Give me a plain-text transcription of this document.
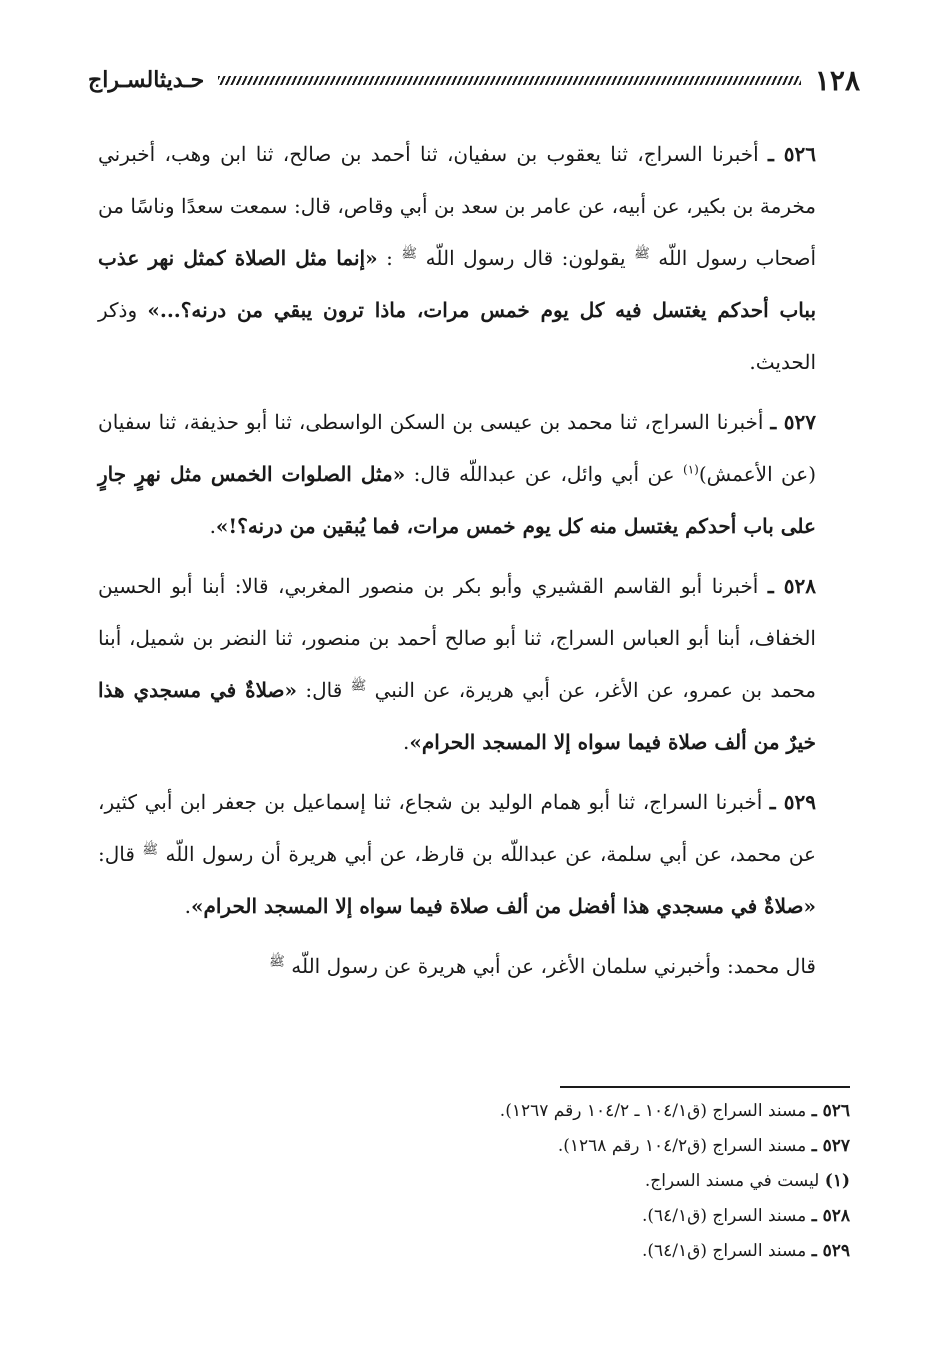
١٢٨
حـديثالسـراج

٥٢٦ ـ أخبرنا السراج، ثنا يعقوب بن سفيان، ثنا أحمد بن صالح، ثنا ابن وهب، أخبرني مخرمة بن بكير، عن أبيه، عن عامر بن سعد بن أبي وقاص، قال: سمعت سعدًا وناسًا من أصحاب رسول اللّه $^ﷺ$ يقولون: قال رسول اللّه $^ﷺ$ : «إنما مثل الصلاة كمثل نهر عذب بباب أحدكم يغتسل فيه كل يوم خمس مرات، ماذا ترون يبقي من درنه؟...» وذكر الحديث.

٥٢٧ ـ أخبرنا السراج، ثنا محمد بن عيسى بن السكن الواسطى، ثنا أبو حذيفة، ثنا سفيان (عن الأعمش)$^{(١)}$ عن أبي وائل، عن عبداللّه قال: «مثل الصلوات الخمس مثل نهرٍ جارٍ على باب أحدكم يغتسل منه كل يوم خمس مرات، فما يُبقين من درنه؟!».

٥٢٨ ـ أخبرنا أبو القاسم القشيري وأبو بكر بن منصور المغربي، قالا: أبنا أبو الحسين الخفاف، أبنا أبو العباس السراج، ثنا أبو صالح أحمد بن منصور، ثنا النضر بن شميل، أبنا محمد بن عمرو، عن الأغر، عن أبي هريرة، عن النبي $^ﷺ$ قال: «صلاةٌ في مسجدي هذا خيرٌ من ألف صلاة فيما سواه إلا المسجد الحرام».

٥٢٩ ـ أخبرنا السراج، ثنا أبو همام الوليد بن شجاع، ثنا إسماعيل بن جعفر ابن أبي كثير، عن محمد، عن أبي سلمة، عن عبداللّه بن قارظ، عن أبي هريرة أن رسول اللّه $^ﷺ$ قال: «صلاةٌ في مسجدي هذا أفضل من ألف صلاة فيما سواه إلا المسجد الحرام».

قال محمد: وأخبرني سلمان الأغر، عن أبي هريرة عن رسول اللّه $^ﷺ$

٥٢٦ ـ مسند السراج (ق١٠٤/١ ـ ١٠٤/٢ رقم ١٢٦٧).

٥٢٧ ـ مسند السراج (ق١٠٤/٢ رقم ١٢٦٨).

(١) ليست في مسند السراج.

٥٢٨ ـ مسند السراج (ق٦٤/١).

٥٢٩ ـ مسند السراج (ق٦٤/١).
